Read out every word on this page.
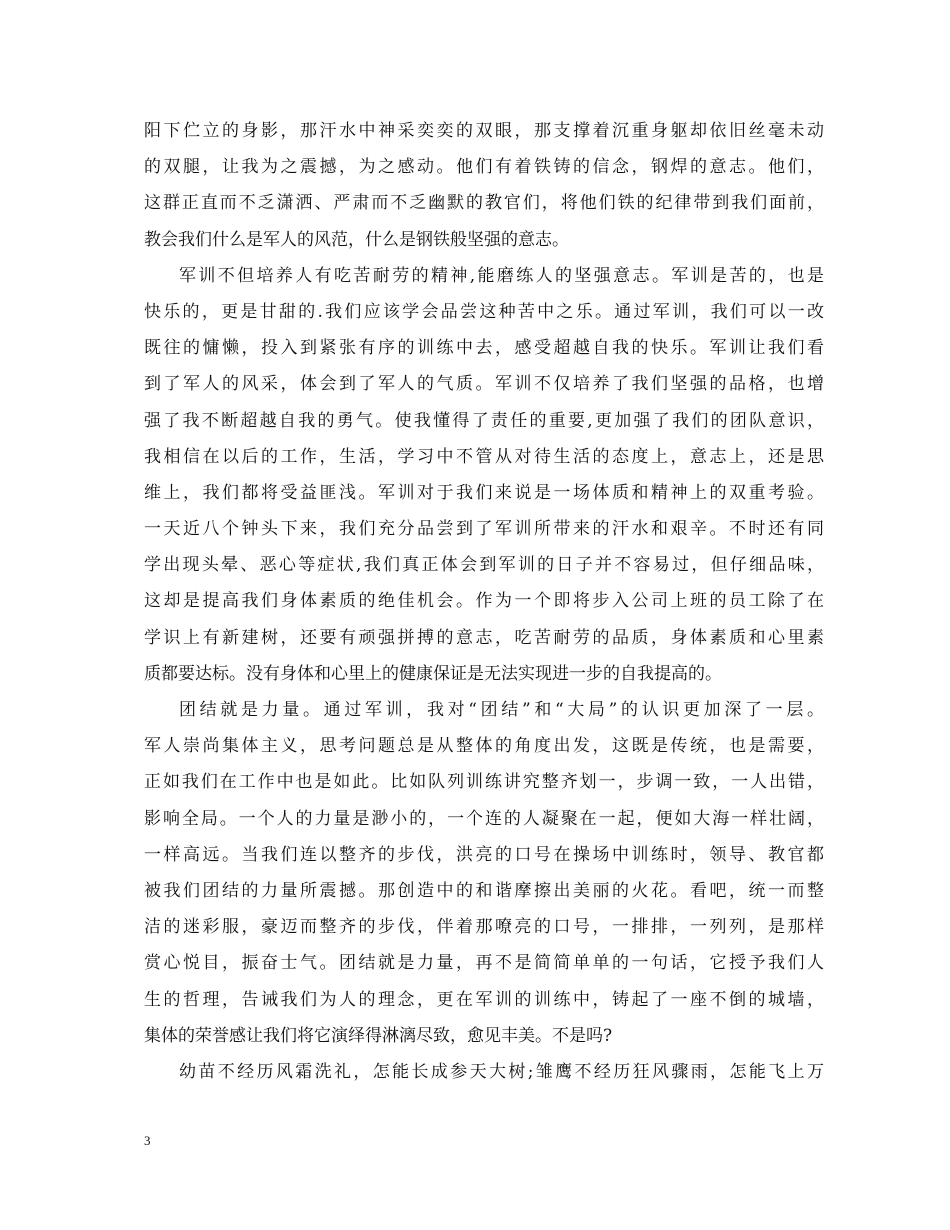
阳下伫立的身影，那汗水中神采奕奕的双眼，那支撑着沉重身躯却依旧丝毫未动
的双腿，让我为之震撼，为之感动。他们有着铁铸的信念，钢焊的意志。他们，
这群正直而不乏潇洒、严肃而不乏幽默的教官们，将他们铁的纪律带到我们面前，
教会我们什么是军人的风范，什么是钢铁般坚强的意志。
军训不但培养人有吃苦耐劳的精神,能磨练人的坚强意志。军训是苦的，也是
快乐的，更是甘甜的.我们应该学会品尝这种苦中之乐。通过军训，我们可以一改
既往的慵懒，投入到紧张有序的训练中去，感受超越自我的快乐。军训让我们看
到了军人的风采，体会到了军人的气质。军训不仅培养了我们坚强的品格，也增
强了我不断超越自我的勇气。使我懂得了责任的重要,更加强了我们的团队意识，
我相信在以后的工作，生活，学习中不管从对待生活的态度上，意志上，还是思
维上，我们都将受益匪浅。军训对于我们来说是一场体质和精神上的双重考验。
一天近八个钟头下来，我们充分品尝到了军训所带来的汗水和艰辛。不时还有同
学出现头晕、恶心等症状,我们真正体会到军训的日子并不容易过，但仔细品味，
这却是提高我们身体素质的绝佳机会。作为一个即将步入公司上班的员工除了在
学识上有新建树，还要有顽强拼搏的意志，吃苦耐劳的品质，身体素质和心里素
质都要达标。没有身体和心里上的健康保证是无法实现进一步的自我提高的。
团结就是力量。通过军训，我对“团结”和“大局”的认识更加深了一层。
军人崇尚集体主义，思考问题总是从整体的角度出发，这既是传统，也是需要，
正如我们在工作中也是如此。比如队列训练讲究整齐划一，步调一致，一人出错，
影响全局。一个人的力量是渺小的，一个连的人凝聚在一起，便如大海一样壮阔，
一样高远。当我们连以整齐的步伐，洪亮的口号在操场中训练时，领导、教官都
被我们团结的力量所震撼。那创造中的和谐摩擦出美丽的火花。看吧，统一而整
洁的迷彩服，豪迈而整齐的步伐，伴着那嘹亮的口号，一排排，一列列，是那样
赏心悦目，振奋士气。团结就是力量，再不是简简单单的一句话，它授予我们人
生的哲理，告诫我们为人的理念，更在军训的训练中，铸起了一座不倒的城墙，
集体的荣誉感让我们将它演绎得淋漓尽致，愈见丰美。不是吗?
幼苗不经历风霜洗礼，怎能长成参天大树;雏鹰不经历狂风骤雨，怎能飞上万
3
